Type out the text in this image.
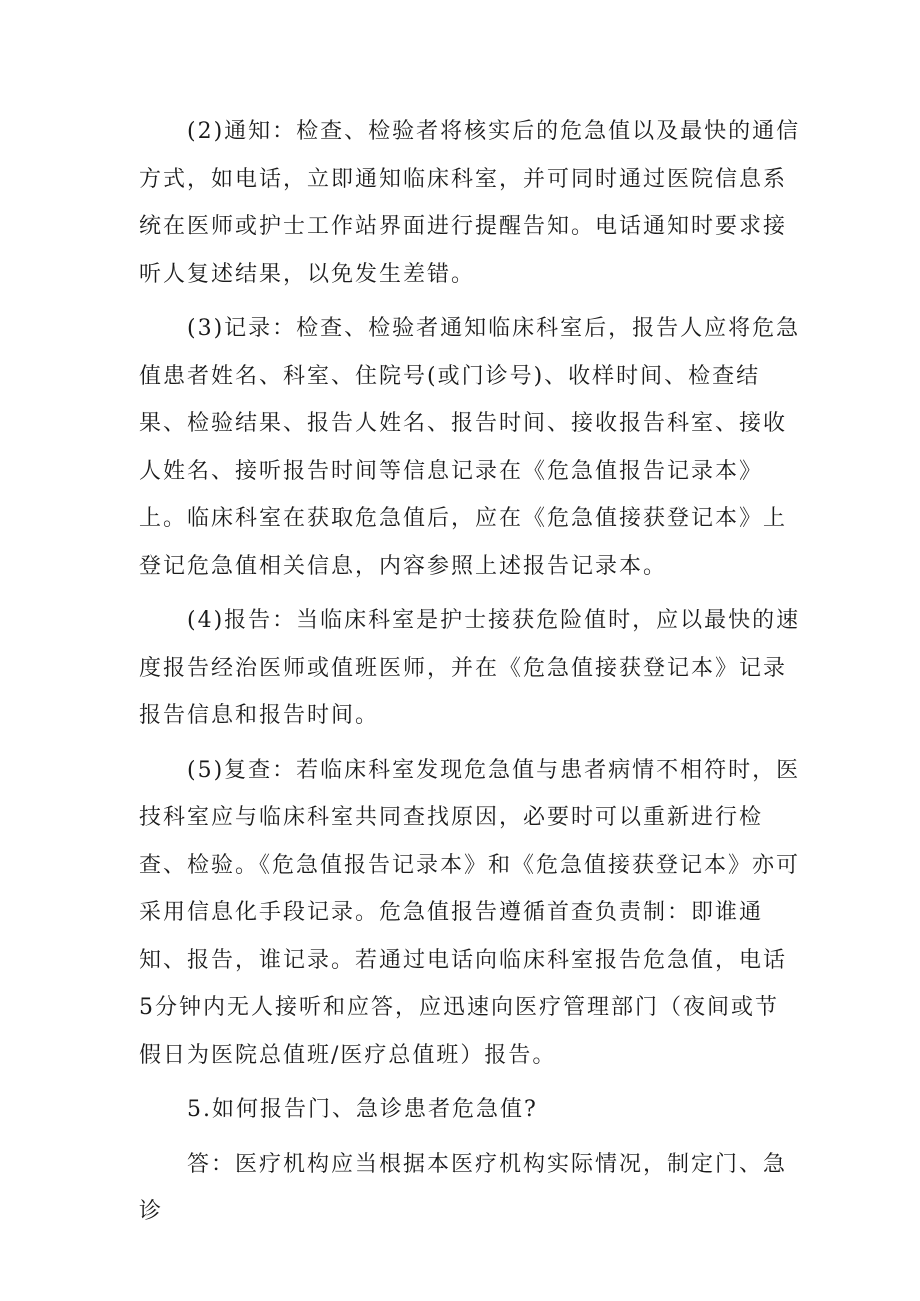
(2)通知：检查、检验者将核实后的危急值以及最快的通信方式，如电话，立即通知临床科室，并可同时通过医院信息系统在医师或护士工作站界面进行提醒告知。电话通知时要求接听人复述结果，以免发生差错。

(3)记录：检查、检验者通知临床科室后，报告人应将危急值患者姓名、科室、住院号(或门诊号)、收样时间、检查结果、检验结果、报告人姓名、报告时间、接收报告科室、接收人姓名、接听报告时间等信息记录在《危急值报告记录本》上。临床科室在获取危急值后，应在《危急值接获登记本》上登记危急值相关信息，内容参照上述报告记录本。

(4)报告：当临床科室是护士接获危险值时，应以最快的速度报告经治医师或值班医师，并在《危急值接获登记本》记录报告信息和报告时间。

(5)复查：若临床科室发现危急值与患者病情不相符时，医技科室应与临床科室共同查找原因，必要时可以重新进行检查、检验。《危急值报告记录本》和《危急值接获登记本》亦可采用信息化手段记录。危急值报告遵循首查负责制：即谁通知、报告，谁记录。若通过电话向临床科室报告危急值，电话5分钟内无人接听和应答，应迅速向医疗管理部门（夜间或节假日为医院总值班/医疗总值班）报告。

5.如何报告门、急诊患者危急值?

答：医疗机构应当根据本医疗机构实际情况，制定门、急诊
